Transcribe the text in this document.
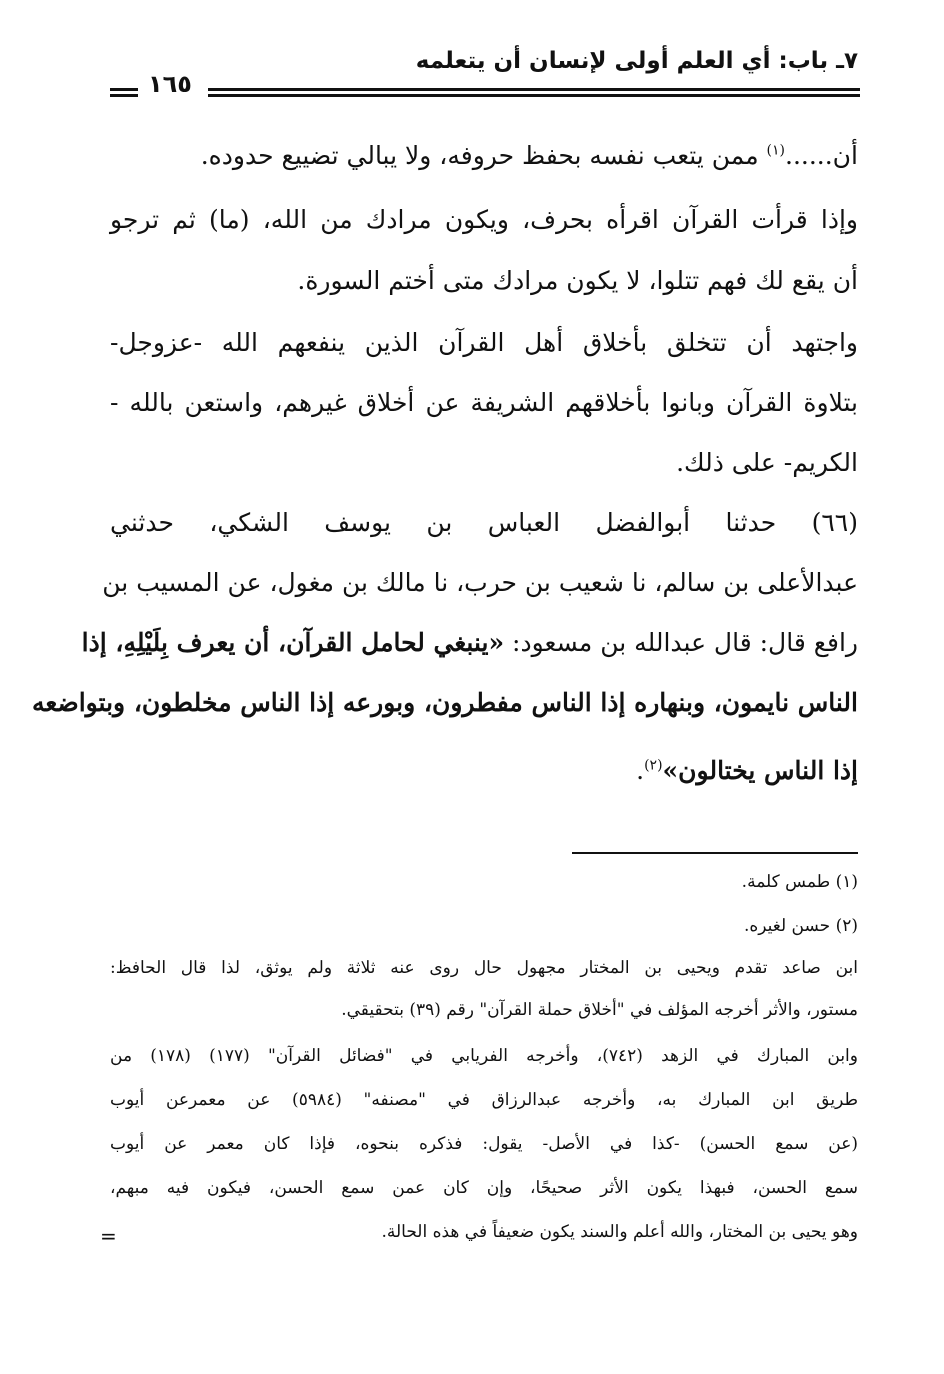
٧ـ باب: أي العلم أولى لإنسان أن يتعلمه
١٦٥
أن......$^{(١)}$ ممن يتعب نفسه بحفظ حروفه، ولا يبالي تضييع حدوده.
وإذا قرأت القرآن اقرأه بحرف، ويكون مرادك من الله، (ما) ثم ترجو
أن يقع لك فهم تتلوا، لا يكون مرادك متى أختم السورة.
واجتهد أن تتخلق بأخلاق أهل القرآن الذين ينفعهم الله -عزوجل-
بتلاوة القرآن وبانوا بأخلاقهم الشريفة عن أخلاق غيرهم، واستعن بالله -
الكريم- على ذلك.
(٦٦) حدثنا أبوالفضل العباس بن يوسف الشكي، حدثني
عبدالأعلى بن سالم، نا شعيب بن حرب، نا مالك بن مغول، عن المسيب بن
رافع قال: قال عبدالله بن مسعود: «ينبغي لحامل القرآن، أن يعرف بِلَيْلِهِ، إذا
الناس نايمون، وبنهاره إذا الناس مفطرون، وبورعه إذا الناس مخلطون، وبتواضعه
إذا الناس يختالون»$^{(٢)}$.
(١) طمس كلمة.
(٢) حسن لغيره.
ابن صاعد تقدم ويحيى بن المختار مجهول حال روى عنه ثلاثة ولم يوثق، لذا قال الحافظ:
مستور، والأثر أخرجه المؤلف في "أخلاق حملة القرآن" رقم (٣٩) بتحقيقي.
وابن المبارك في الزهد (٧٤٢)، وأخرجه الفريابي في "فضائل القرآن" (١٧٧) (١٧٨) من
طريق ابن المبارك به، وأخرجه عبدالرزاق في "مصنفه" (٥٩٨٤) عن معمرعن أيوب
(عن سمع الحسن) -كذا في الأصل- يقول: فذكره بنحوه، فإذا كان معمر عن أيوب
سمع الحسن، فبهذا يكون الأثر صحيحًا، وإن كان عمن سمع الحسن، فيكون فيه مبهم،
وهو يحيى بن المختار، والله أعلم والسند يكون ضعيفاً في هذه الحالة.
=
